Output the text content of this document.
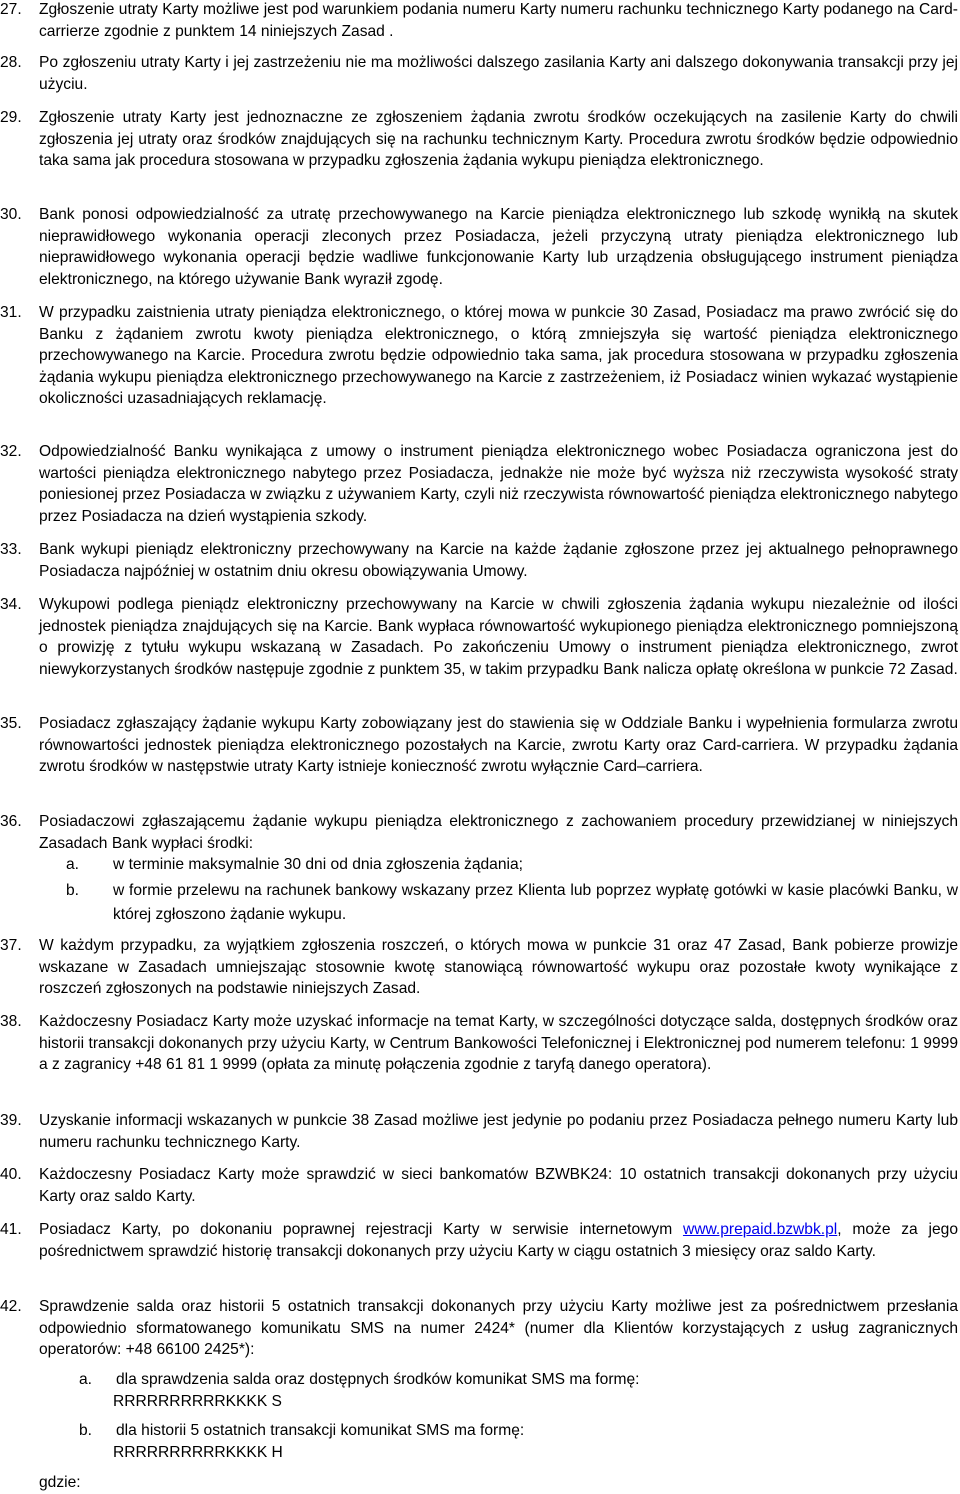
27.	Zgłoszenie utraty Karty możliwe jest pod warunkiem podania numeru Karty numeru rachunku technicznego Karty podanego na Card-carrierze zgodnie z punktem 14 niniejszych Zasad .
28.	Po zgłoszeniu utraty Karty i jej zastrzeżeniu nie ma możliwości dalszego zasilania Karty ani dalszego dokonywania transakcji przy jej użyciu.
29.	Zgłoszenie utraty Karty jest jednoznaczne ze zgłoszeniem żądania zwrotu środków oczekujących na zasilenie Karty do chwili zgłoszenia jej utraty oraz środków znajdujących się na rachunku technicznym Karty. Procedura zwrotu środków będzie odpowiednio taka sama jak procedura stosowana w przypadku zgłoszenia żądania wykupu pieniądza elektronicznego.
30.	Bank ponosi odpowiedzialność za utratę przechowywanego na Karcie pieniądza elektronicznego lub szkodę wynikłą na skutek nieprawidłowego wykonania operacji zleconych przez Posiadacza, jeżeli przyczyną utraty pieniądza elektronicznego lub nieprawidłowego wykonania operacji będzie wadliwe funkcjonowanie Karty lub urządzenia obsługującego instrument pieniądza elektronicznego, na którego używanie Bank wyraził zgodę.
31.	W przypadku zaistnienia utraty pieniądza elektronicznego, o której mowa w punkcie 30 Zasad, Posiadacz ma prawo zwrócić się do Banku z żądaniem zwrotu kwoty pieniądza elektronicznego, o którą zmniejszyła się wartość pieniądza elektronicznego przechowywanego na Karcie. Procedura zwrotu będzie odpowiednio taka sama, jak procedura stosowana w przypadku zgłoszenia żądania wykupu pieniądza elektronicznego przechowywanego na Karcie z zastrzeżeniem, iż Posiadacz winien wykazać wystąpienie okoliczności uzasadniających reklamację.
32.	Odpowiedzialność Banku wynikająca z umowy o instrument pieniądza elektronicznego wobec Posiadacza ograniczona jest do wartości pieniądza elektronicznego nabytego przez Posiadacza, jednakże nie może być wyższa niż rzeczywista wysokość straty poniesionej przez Posiadacza w związku z używaniem Karty, czyli niż rzeczywista równowartość pieniądza elektronicznego nabytego przez Posiadacza na dzień wystąpienia szkody.
33.	Bank wykupi pieniądz elektroniczny przechowywany na Karcie na każde żądanie zgłoszone przez jej aktualnego pełnoprawnego Posiadacza najpóźniej w ostatnim dniu okresu obowiązywania Umowy.
34.	Wykupowi podlega pieniądz elektroniczny przechowywany na Karcie w chwili zgłoszenia żądania wykupu niezależnie od ilości jednostek pieniądza znajdujących się na Karcie. Bank wypłaca równowartość wykupionego pieniądza elektronicznego pomniejszoną o prowizję z tytułu wykupu wskazaną w Zasadach. Po zakończeniu Umowy o instrument pieniądza elektronicznego, zwrot niewykorzystanych środków następuje zgodnie z punktem 35, w takim przypadku Bank nalicza opłatę określona w punkcie 72 Zasad.
35.	Posiadacz zgłaszający żądanie wykupu Karty zobowiązany jest do stawienia się w Oddziale Banku i wypełnienia formularza zwrotu równowartości jednostek pieniądza elektronicznego pozostałych na Karcie, zwrotu Karty oraz Card-carriera. W przypadku żądania zwrotu środków w następstwie utraty Karty istnieje konieczność zwrotu wyłącznie Card–carriera.
36.	Posiadaczowi zgłaszającemu żądanie wykupu pieniądza elektronicznego z zachowaniem procedury przewidzianej w niniejszych Zasadach Bank wypłaci środki:
a. w terminie maksymalnie 30 dni od dnia zgłoszenia żądania;
b. w formie przelewu na rachunek bankowy wskazany przez Klienta lub poprzez wypłatę gotówki w kasie placówki Banku, w której zgłoszono żądanie wykupu.
37.	W każdym przypadku, za wyjątkiem zgłoszenia roszczeń, o których mowa w punkcie 31 oraz 47 Zasad, Bank pobierze prowizje wskazane w Zasadach umniejszając stosownie kwotę stanowiącą równowartość wykupu oraz pozostałe kwoty wynikające z roszczeń zgłoszonych na podstawie niniejszych Zasad.
38.	Każdoczesny Posiadacz Karty może uzyskać informacje na temat Karty, w szczególności dotyczące salda, dostępnych środków oraz historii transakcji dokonanych przy użyciu Karty, w Centrum Bankowości Telefonicznej i Elektronicznej pod numerem telefonu: 1 9999 a z zagranicy +48 61 81 1 9999 (opłata za minutę połączenia zgodnie z taryfą danego operatora).
39.	Uzyskanie informacji wskazanych w punkcie 38 Zasad możliwe jest jedynie po podaniu przez Posiadacza pełnego numeru Karty lub numeru rachunku technicznego Karty.
40.	Każdoczesny Posiadacz Karty może sprawdzić w sieci bankomatów BZWBK24: 10 ostatnich transakcji dokonanych przy użyciu Karty oraz saldo Karty.
41.	Posiadacz Karty, po dokonaniu poprawnej rejestracji Karty w serwisie internetowym www.prepaid.bzwbk.pl, może za jego pośrednictwem sprawdzić historię transakcji dokonanych przy użyciu Karty w ciągu ostatnich 3 miesięcy oraz saldo Karty.
42.	Sprawdzenie salda oraz historii 5 ostatnich transakcji dokonanych przy użyciu Karty możliwe jest za pośrednictwem przesłania odpowiednio sformatowanego komunikatu SMS na numer 2424* (numer dla Klientów korzystających z usług zagranicznych operatorów: +48 66100 2425*):
a. dla sprawdzenia salda oraz dostępnych środków komunikat SMS ma formę:
RRRRRRRRRRKKKK S
b. dla historii 5 ostatnich transakcji komunikat SMS ma formę:
RRRRRRRRRRKKKK H
gdzie:
